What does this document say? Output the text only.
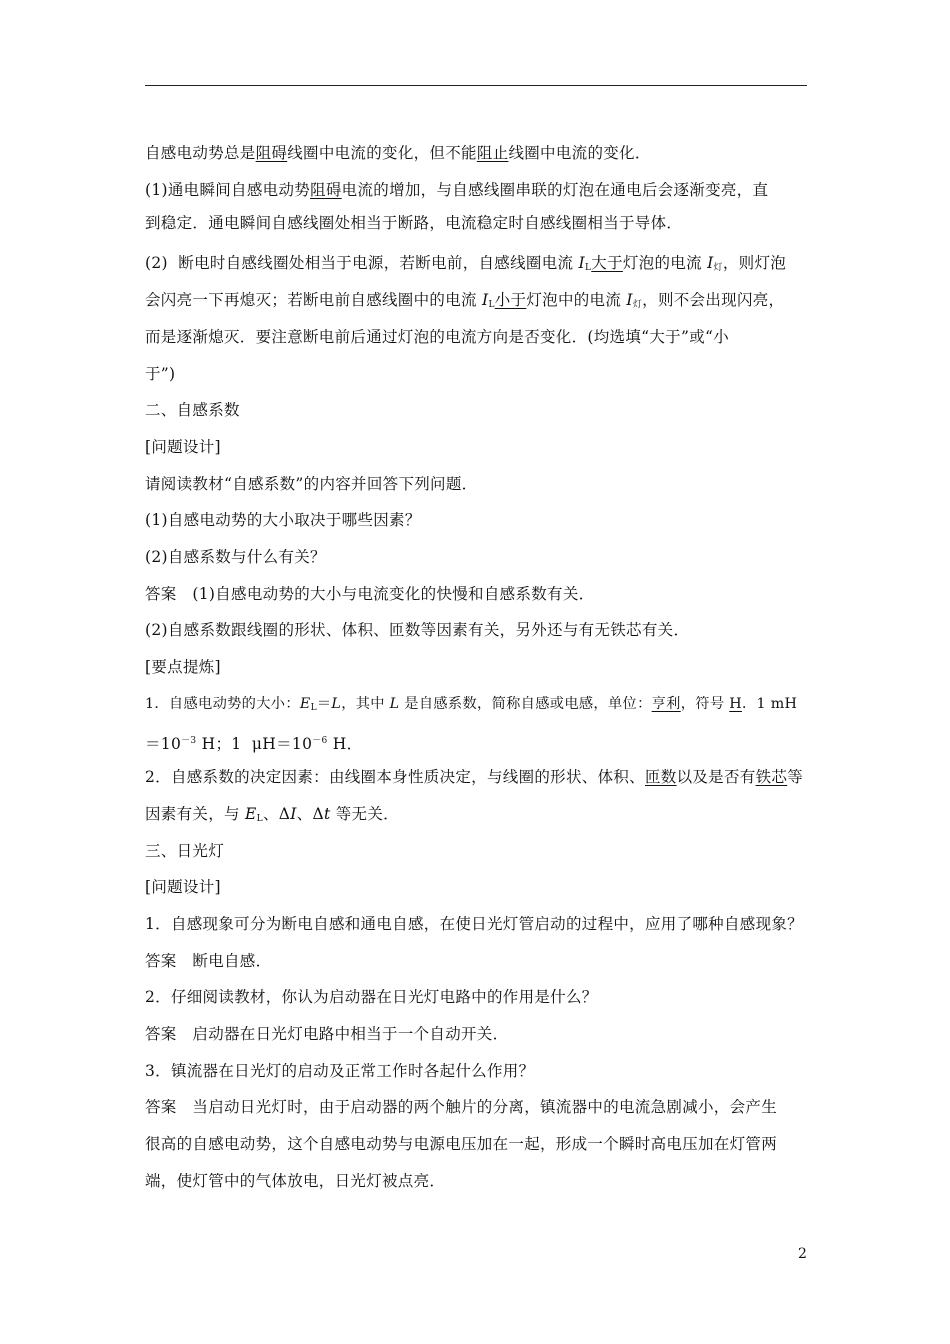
自感电动势总是阻碍线圈中电流的变化，但不能阻止线圈中电流的变化．
(1)通电瞬间自感电动势阻碍电流的增加，与自感线圈串联的灯泡在通电后会逐渐变亮，直
到稳定．通电瞬间自感线圈处相当于断路，电流稳定时自感线圈相当于导体．
(2)  断电时自感线圈处相当于电源，若断电前，自感线圈电流 $I_L$大于灯泡的电流 $I_灯$，则灯泡
会闪亮一下再熄灭；若断电前自感线圈中的电流 $I_L$小于灯泡中的电流 $I_灯$，则不会出现闪亮，
而是逐渐熄灭．要注意断电前后通过灯泡的电流方向是否变化．(均选填“大于”或“小
于”)
二、自感系数
[问题设计]
请阅读教材“自感系数”的内容并回答下列问题．
(1)自感电动势的大小取决于哪些因素？
(2)自感系数与什么有关？
答案　(1)自感电动势的大小与电流变化的快慢和自感系数有关．
(2)自感系数跟线圈的形状、体积、匝数等因素有关，另外还与有无铁芯有关．
[要点提炼]
1．自感电动势的大小：$E_L=L$，其中 L 是自感系数，简称自感或电感，单位：亨利，符号 H．1 mH
$=10^{-3}$ H；1  $\mu H=10^{-6}$ H．
2．自感系数的决定因素：由线圈本身性质决定，与线圈的形状、体积、匝数以及是否有铁芯等
因素有关，与 $E_L$、ΔI、Δt 等无关．
三、日光灯
[问题设计]
1．自感现象可分为断电自感和通电自感，在使日光灯管启动的过程中，应用了哪种自感现象？
答案　断电自感．
2．仔细阅读教材，你认为启动器在日光灯电路中的作用是什么？
答案　启动器在日光灯电路中相当于一个自动开关．
3．镇流器在日光灯的启动及正常工作时各起什么作用？
答案　当启动日光灯时，由于启动器的两个触片的分离，镇流器中的电流急剧减小，会产生
很高的自感电动势，这个自感电动势与电源电压加在一起，形成一个瞬时高电压加在灯管两
端，使灯管中的气体放电，日光灯被点亮．
2
